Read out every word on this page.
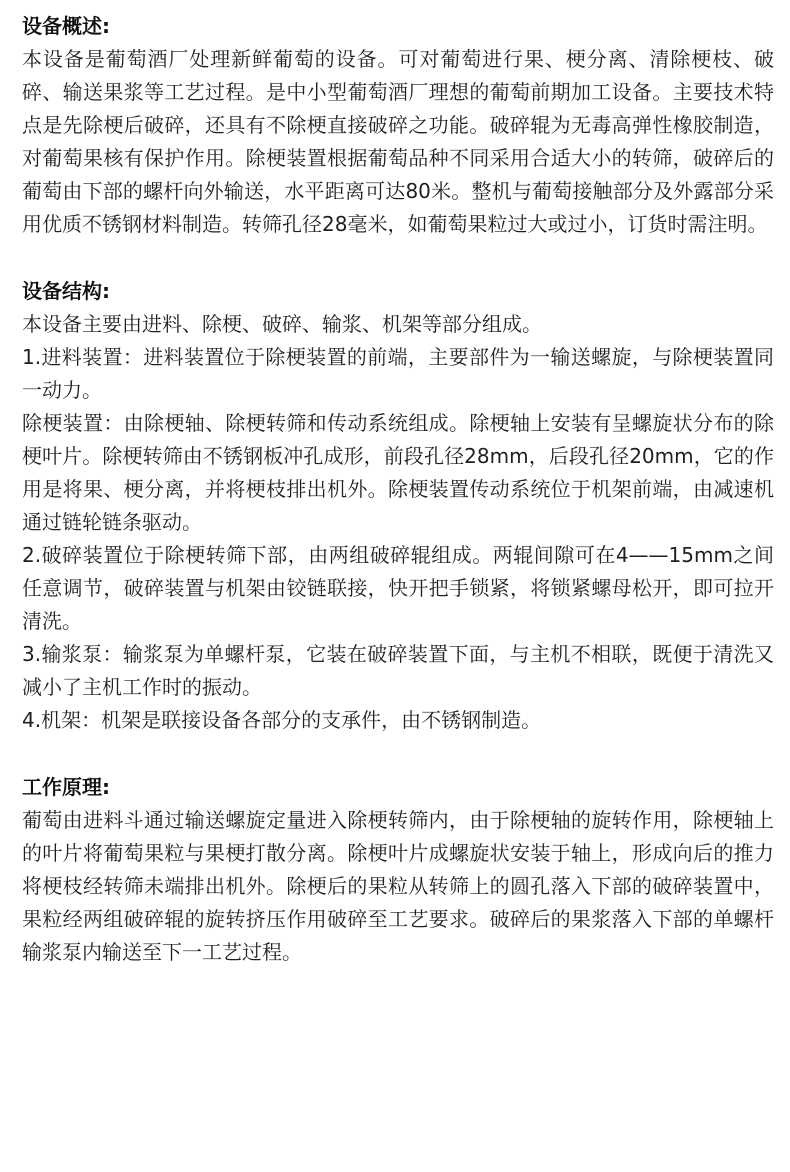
设备概述:

本设备是葡萄酒厂处理新鲜葡萄的设备。可对葡萄进行果、梗分离、清除梗枝、破碎、输送果浆等工艺过程。是中小型葡萄酒厂理想的葡萄前期加工设备。主要技术特点是先除梗后破碎，还具有不除梗直接破碎之功能。破碎辊为无毒高弹性橡胶制造，对葡萄果核有保护作用。除梗装置根据葡萄品种不同采用合适大小的转筛，破碎后的葡萄由下部的螺杆向外输送，水平距离可达80米。整机与葡萄接触部分及外露部分采用优质不锈钢材料制造。转筛孔径28毫米，如葡萄果粒过大或过小，订货时需注明。

设备结构:

本设备主要由进料、除梗、破碎、输浆、机架等部分组成。

1.进料装置：进料装置位于除梗装置的前端，主要部件为一输送螺旋，与除梗装置同一动力。

除梗装置：由除梗轴、除梗转筛和传动系统组成。除梗轴上安装有呈螺旋状分布的除梗叶片。除梗转筛由不锈钢板冲孔成形，前段孔径28mm，后段孔径20mm，它的作用是将果、梗分离，并将梗枝排出机外。除梗装置传动系统位于机架前端，由减速机通过链轮链条驱动。

2.破碎装置位于除梗转筛下部，由两组破碎辊组成。两辊间隙可在4——15mm之间任意调节，破碎装置与机架由铰链联接，快开把手锁紧，将锁紧螺母松开，即可拉开清洗。

3.输浆泵：输浆泵为单螺杆泵，它装在破碎装置下面，与主机不相联，既便于清洗又减小了主机工作时的振动。

4.机架：机架是联接设备各部分的支承件，由不锈钢制造。

工作原理:

葡萄由进料斗通过输送螺旋定量进入除梗转筛内，由于除梗轴的旋转作用，除梗轴上的叶片将葡萄果粒与果梗打散分离。除梗叶片成螺旋状安装于轴上，形成向后的推力将梗枝经转筛未端排出机外。除梗后的果粒从转筛上的圆孔落入下部的破碎装置中，果粒经两组破碎辊的旋转挤压作用破碎至工艺要求。破碎后的果浆落入下部的单螺杆输浆泵内输送至下一工艺过程。
